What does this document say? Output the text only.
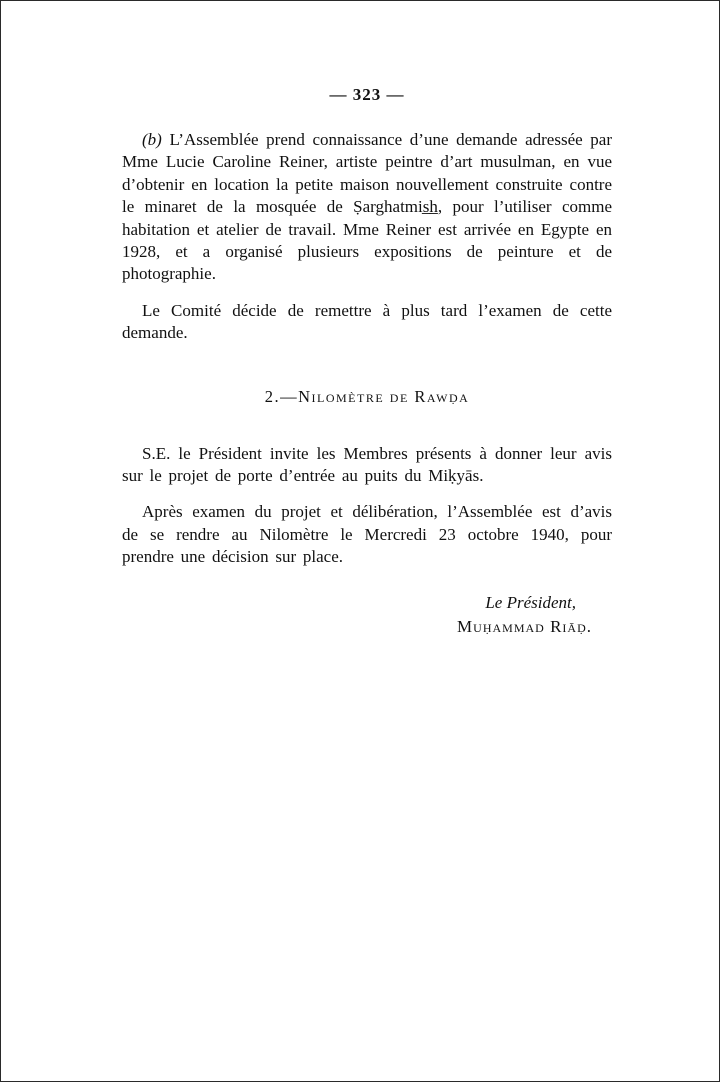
— 323 —

(b) L’Assemblée prend connaissance d’une demande adressée par Mme Lucie Caroline Reiner, artiste peintre d’art musulman, en vue d’obtenir en location la petite maison nouvellement construite contre le minaret de la mosquée de Ṣarghatmis̲h̲, pour l’utiliser comme habitation et atelier de travail. Mme Reiner est arrivée en Egypte en 1928, et a organisé plusieurs expositions de peinture et de photographie.

Le Comité décide de remettre à plus tard l’examen de cette demande.

2.—Nilomètre de Rawḍa

S.E. le Président invite les Membres présents à donner leur avis sur le projet de porte d’entrée au puits du Miḳyās.

Après examen du projet et délibération, l’Assemblée est d’avis de se rendre au Nilomètre le Mercredi 23 octobre 1940, pour prendre une décision sur place.

Le Président,
Muḥammad Riāḍ.
